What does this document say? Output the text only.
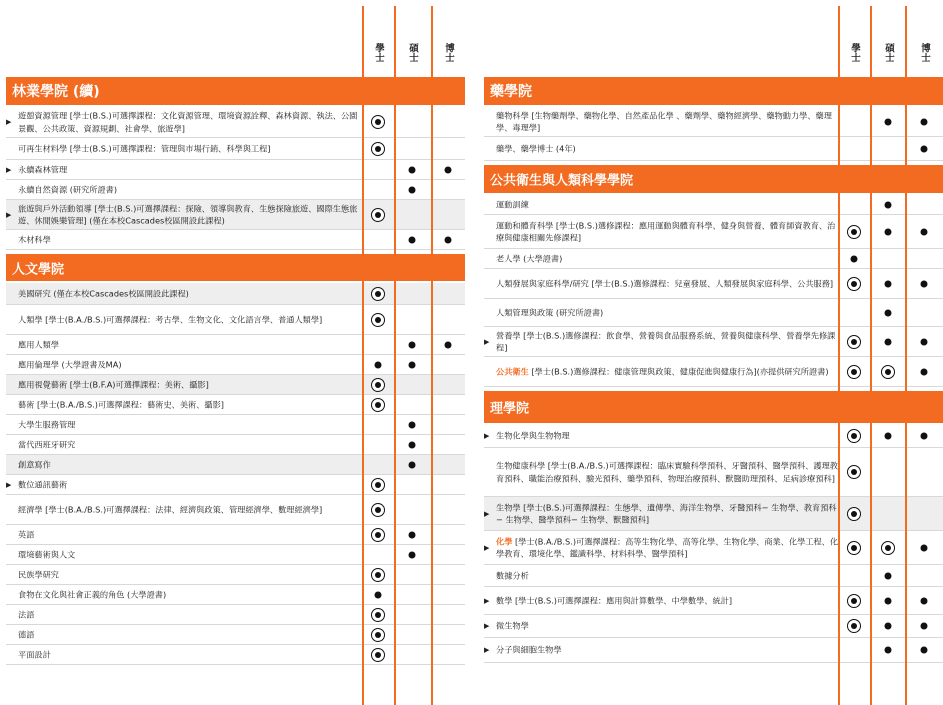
學士 碩士	博士
林業學院 (續)
▶
遊憩資源管理 [學士(B.S.)可選擇課程：文化資源管理、環境資源詮釋、森林資源、執法、公園景觀、公共政策、資源規劃、社會學、旅遊學]
可再生材料學 [學士(B.S.)可選擇課程：管理與市場行銷、科學與工程]
▶ 永續森林管理
永續自然資源 (研究所證書)
▶
旅遊與戶外活動領導 [學士(B.S.)可選擇課程：探險、領導與教育、生態探險旅遊、國際生態旅遊、休閒娛樂管理] (僅在本校Cascades校區開設此課程)
木材科學
人文學院
美國研究 (僅在本校Cascades校區開設此課程)
人類學 [學士(B.A./B.S.)可選擇課程：考古學、生物文化、文化語言學、普通人類學]
應用人類學
應用倫理學 (大學證書及MA)
應用視覺藝術 [學士(B.F.A)可選擇課程：美術、攝影]
藝術 [學士(B.A./B.S.)可選擇課程：藝術史、美術、攝影]
大學生服務管理
當代西班牙研究
創意寫作
▶ 數位通訊藝術
經濟學 [學士(B.A./B.S.)可選擇課程：法律、經濟與政策、管理經濟學、數理經濟學]
英語
環境藝術與人文
民族學研究
食物在文化與社會正義的角色 (大學證書)
法語
德語
平面設計
學士 碩士	博士
藥學院
藥物科學 [生物藥劑學、藥物化學、自然產品化學 、藥劑學、藥物經濟學、藥物動力學、藥理學、毒理學]
藥學、藥學博士 (4年)
公共衛生與人類科學學院
運動訓練
運動和體育科學 [學士(B.S.)選修課程：應用運動與體育科學、健身與營養、體育師資教育、治療與健康相關先修課程]
老人學 (大學證書)
人類發展與家庭科學/研究 [學士(B.S.)選修課程：兒童發展、人類發展與家庭科學、公共服務]
人類管理與政策 (研究所證書)
▶
營養學 [學士(B.S.)選修課程：飲食學、營養與食品服務系統、營養與健康科學、營養學先修課程]
公共衛生 [學士(B.S.)選修課程：健康管理與政策、健康促進與健康行為](亦提供研究所證書)
理學院
▶ 生物化學與生物物理
生物健康科學 [學士(B.A./B.S.)可選擇課程：臨床實驗科學預科、牙醫預科、醫學預科、護理教育預科、職能治療預科、驗光預科、藥學預科、物理治療預科、獸醫助理預科、足病診療預科]
▶
生物學 [學士(B.S.)可選擇課程：生態學、遺傳學、海洋生物學、牙醫預科− 生物學、教育預科− 生物學、醫學預科− 生物學、獸醫預科]
▶
化學 [學士(B.A./B.S.)可選擇課程：高等生物化學、高等化學、生物化學、商業、化學工程、化學教育、環境化學、鑑識科學、材料科學、醫學預科]
數據分析
▶ 數學 [學士(B.S.)可選擇課程：應用與計算數學、中學數學、統計]
▶ 微生物學
▶ 分子與細胞生物學
